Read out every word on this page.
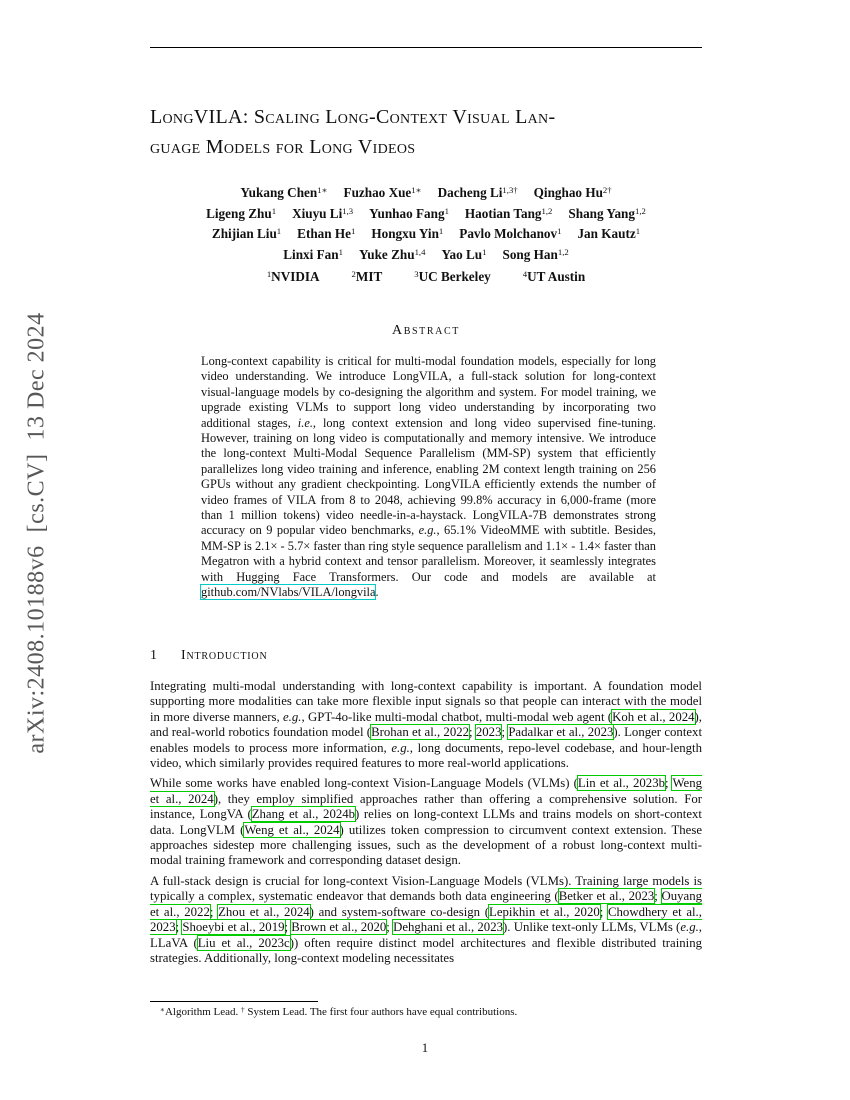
arXiv:2408.10188v6  [cs.CV]  13 Dec 2024
LongVILA: Scaling Long-Context Visual Lan-
guage Models for Long Videos
Yukang Chen$^{1∗}$ Fuzhao Xue$^{1∗}$ Dacheng $Li^{1,3\dagger}$ Qinghao $Hu^{2\dagger}$
Ligeng Zhu$^1$ Xiuyu Li$^{1,3}$ Yunhao Fang$^1$ Haotian Tang$^{1,2}$ Shang Yang$^{1,2}$
Zhijian Liu$^1$ Ethan He$^1$ Hongxu Yin$^1$ Pavlo Molchanov$^1$ Jan Kautz$^1$
Linxi Fan$^1$ Yuke Zhu$^{1,4}$ Yao Lu$^1$ Song Han$^{1,2}$
$^1$NVIDIA	$^2$MIT	$^3$UC Berkeley	$^4$UT Austin
Abstract
Long-context capability is critical for multi-modal foundation models, especially for long video understanding. We introduce LongVILA, a full-stack solution for long-context visual-language models by co-designing the algorithm and system. For model training, we upgrade existing VLMs to support long video understanding by incorporating two additional stages, i.e., long context extension and long video supervised fine-tuning. However, training on long video is computationally and memory intensive. We introduce the long-context Multi-Modal Sequence Parallelism (MM-SP) system that efficiently parallelizes long video training and inference, enabling 2M context length training on 256 GPUs without any gradient checkpointing. LongVILA efficiently extends the number of video frames of VILA from 8 to 2048, achieving 99.8% accuracy in 6,000-frame (more than 1 million tokens) video needle-in-a-haystack. LongVILA-7B demonstrates strong accuracy on 9 popular video benchmarks, e.g., 65.1% VideoMME with subtitle. Besides, MM-SP is 2.1× - 5.7× faster than ring style sequence parallelism and 1.1× - 1.4× faster than Megatron with a hybrid context and tensor parallelism. Moreover, it seamlessly integrates with Hugging Face Transformers. Our code and models are available at github.com/NVlabs/VILA/longvila.
1 Introduction

Integrating multi-modal understanding with long-context capability is important. A foundation model supporting more modalities can take more flexible input signals so that people can interact with the model in more diverse manners, e.g., GPT-4o-like multi-modal chatbot, multi-modal web agent (Koh et al., 2024), and real-world robotics foundation model (Brohan et al., 2022; 2023; Padalkar et al., 2023). Longer context enables models to process more information, e.g., long documents, repo-level codebase, and hour-length video, which similarly provides required features to more real-world applications.

While some works have enabled long-context Vision-Language Models (VLMs) (Lin et al., 2023b; Weng et al., 2024), they employ simplified approaches rather than offering a comprehensive solution. For instance, LongVA (Zhang et al., 2024b) relies on long-context LLMs and trains models on short-context data. LongVLM (Weng et al., 2024) utilizes token compression to circumvent context extension. These approaches sidestep more challenging issues, such as the development of a robust long-context multi-modal training framework and corresponding dataset design.

A full-stack design is crucial for long-context Vision-Language Models (VLMs). Training large models is typically a complex, systematic endeavor that demands both data engineering (Betker et al., 2023; Ouyang et al., 2022; Zhou et al., 2024) and system-software co-design (Lepikhin et al., 2020; Chowdhery et al., 2023; Shoeybi et al., 2019; Brown et al., 2020; Dehghani et al., 2023). Unlike text-only LLMs, VLMs (e.g., LLaVA (Liu et al., 2023c)) often require distinct model architectures and flexible distributed training strategies. Additionally, long-context modeling necessitates

∗Algorithm Lead. † System Lead. The first four authors have equal contributions.
1
